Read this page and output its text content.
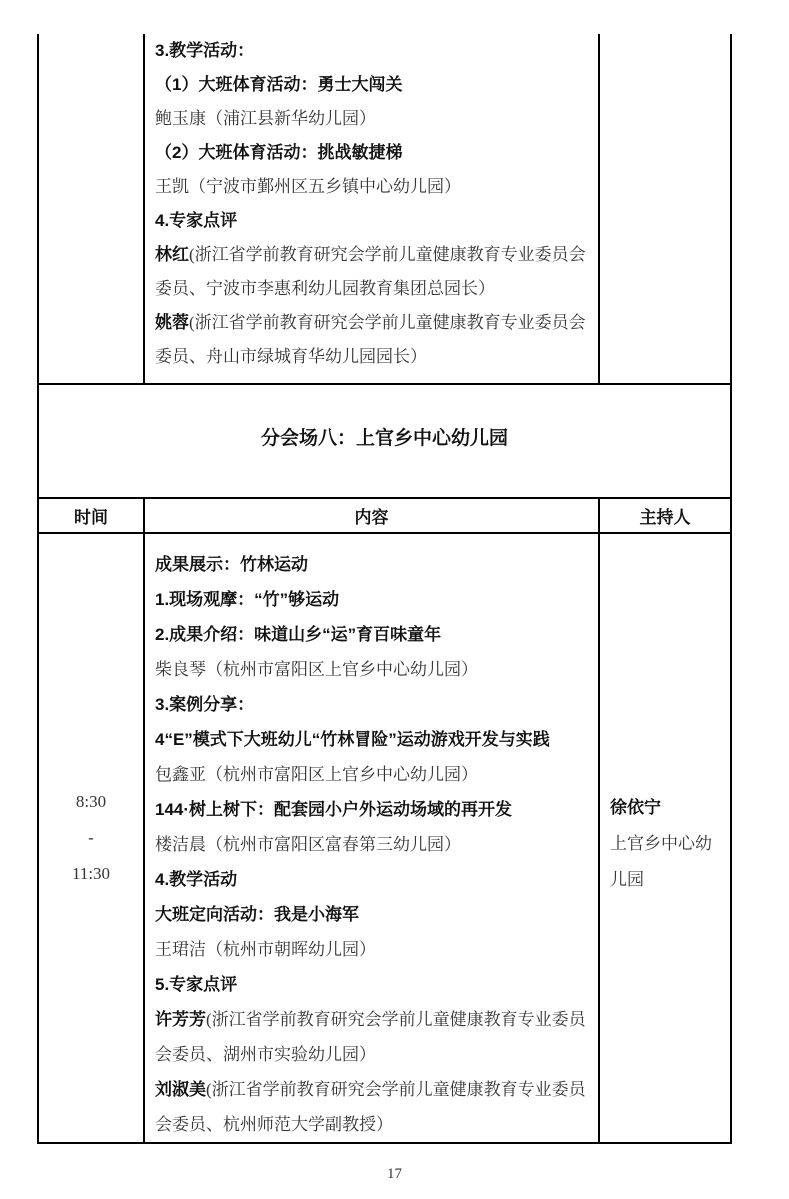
3.教学活动：

（1）大班体育活动：勇士大闯关

鲍玉康（浦江县新华幼儿园）

（2）大班体育活动：挑战敏捷梯

王凯（宁波市鄞州区五乡镇中心幼儿园）

4.专家点评

林红(浙江省学前教育研究会学前儿童健康教育专业委员会委员、宁波市李惠利幼儿园教育集团总园长）

姚蓉(浙江省学前教育研究会学前儿童健康教育专业委员会委员、舟山市绿城育华幼儿园园长）

分会场八：上官乡中心幼儿园
时间	内容	主持人
8:30
-
11:30

成果展示：竹林运动

1.现场观摩：“竹”够运动

2.成果介绍：味道山乡“运”育百味童年

柴良琴（杭州市富阳区上官乡中心幼儿园）

3.案例分享：

4“E”模式下大班幼儿“竹林冒险”运动游戏开发与实践

包鑫亚（杭州市富阳区上官乡中心幼儿园）

144·树上树下：配套园小户外运动场域的再开发

楼洁晨（杭州市富阳区富春第三幼儿园）

4.教学活动

大班定向活动：我是小海军

王珺洁（杭州市朝晖幼儿园）

5.专家点评

许芳芳(浙江省学前教育研究会学前儿童健康教育专业委员会委员、湖州市实验幼儿园）

刘淑美(浙江省学前教育研究会学前儿童健康教育专业委员会委员、杭州师范大学副教授）

徐依宁
上官乡中心幼儿园
17
